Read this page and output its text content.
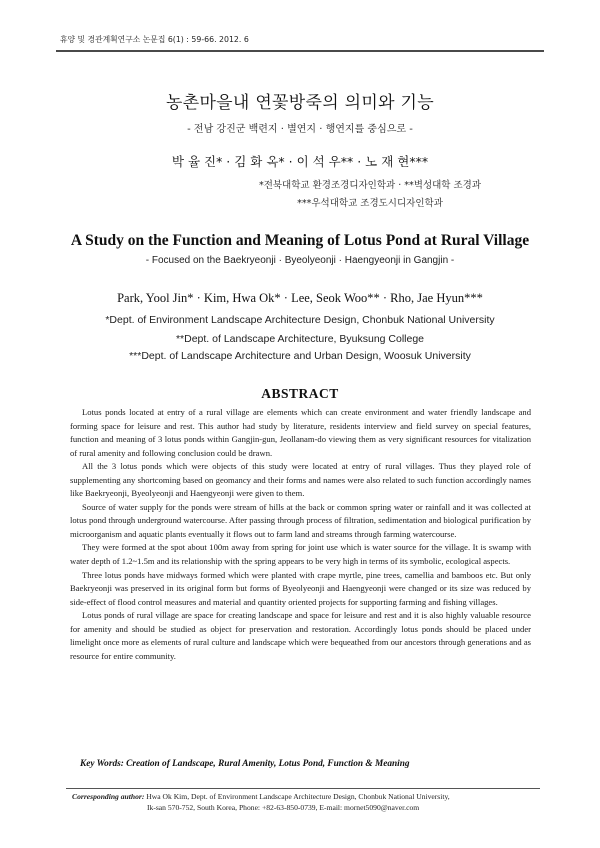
휴양 및 경관계획연구소 논문집 6(1) : 59-66. 2012. 6
농촌마을내 연꽃방죽의 의미와 기능
- 전남 강진군 백련지 · 별연지 · 행연지를 중심으로 -
박 율 진* · 김 화 옥* · 이 석 우** · 노 재 현***
*전북대학교 환경조경디자인학과 · **벽성대학 조경과
***우석대학교 조경도시디자인학과
A Study on the Function and Meaning of Lotus Pond at Rural Village
- Focused on the Baekryeonji · Byeolyeonji · Haengyeonji in Gangjin -
Park, Yool Jin* · Kim, Hwa Ok* · Lee, Seok Woo** · Rho, Jae Hyun***
*Dept. of Environment Landscape Architecture Design, Chonbuk National University
**Dept. of Landscape Architecture, Byuksung College
***Dept. of Landscape Architecture and Urban Design, Woosuk University
ABSTRACT

Lotus ponds located at entry of a rural village are elements which can create environment and water friendly landscape and forming space for leisure and rest. This author had study by literature, residents interview and field survey on special features, function and meaning of 3 lotus ponds within Gangjin-gun, Jeollanam-do viewing them as very significant resources for vitalization of rural amenity and following conclusion could be drawn.

All the 3 lotus ponds which were objects of this study were located at entry of rural villages. Thus they played role of supplementing any shortcoming based on geomancy and their forms and names were also related to such function accordingly names like Baekryeonji, Byeolyeonji and Haengyeonji were given to them.

Source of water supply for the ponds were stream of hills at the back or common spring water or rainfall and it was collected at lotus pond through underground watercourse. After passing through process of filtration, sedimentation and biological purification by microorganism and aquatic plants eventually it flows out to farm land and streams through farming watercourse.

They were formed at the spot about 100m away from spring for joint use which is water source for the village. It is swamp with water depth of 1.2~1.5m and its relationship with the spring appears to be very high in terms of its symbolic, ecological aspects.

Three lotus ponds have midways formed which were planted with crape myrtle, pine trees, camellia and bamboos etc. But only Baekryeonji was preserved in its original form but forms of Byeolyeonji and Haengyeonji were changed or its size was reduced by side-effect of flood control measures and material and quantity oriented projects for supporting farming and fishing villages.

Lotus ponds of rural village are space for creating landscape and space for leisure and rest and it is also highly valuable resource for amenity and should be studied as object for preservation and restoration. Accordingly lotus ponds should be placed under limelight once more as elements of rural culture and landscape which were bequeathed from our ancestors through generations and as resource for entire community.

Key Words: Creation of Landscape, Rural Amenity, Lotus Pond, Function & Meaning
Corresponding author: Hwa Ok Kim, Dept. of Environment Landscape Architecture Design, Chonbuk National University,
Ik-san 570-752, South Korea, Phone: +82-63-850-0739, E-mail: mornet5090@naver.com
